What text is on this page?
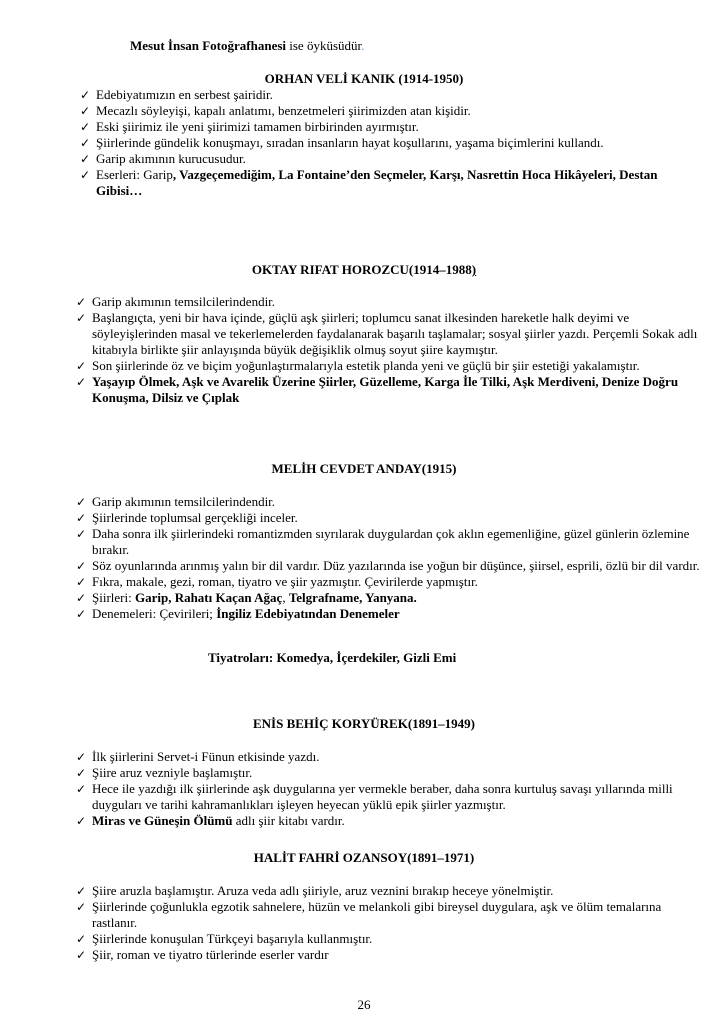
Mesut İnsan Fotoğrafhanesi ise öyküsüdür.
ORHAN VELİ KANIK (1914-1950)
✓ Edebiyatımızın en serbest şairidir.
✓ Mecazlı söyleyişi, kapalı anlatımı, benzetmeleri şiirimizden atan kişidir.
✓ Eski şiirimiz ile yeni şiirimizi tamamen birbirinden ayırmıştır.
✓ Şiirlerinde gündelik konuşmayı, sıradan insanların hayat koşullarını, yaşama biçimlerini kullandı.
✓ Garip akımının kurucusudur.
✓ Eserleri: Garip, Vazgeçemediğim, La Fontaine’den Seçmeler, Karşı, Nasrettin Hoca Hikâyeleri, Destan Gibisi…
OKTAY RIFAT HOROZCU(1914–1988)
✓ Garip akımının temsilcilerindendir.
✓ Başlangıçta, yeni bir hava içinde, güçlü aşk şiirleri; toplumcu sanat ilkesinden hareketle halk deyimi ve söyleyişlerinden masal ve tekerlemelerden faydalanarak başarılı taşlamalar; sosyal şiirler yazdı. Perçemli Sokak adlı kitabıyla birlikte şiir anlayışında büyük değişiklik olmuş soyut şiire kaymıştır.
✓ Son şiirlerinde öz ve biçim yoğunlaştırmalarıyla estetik planda yeni ve güçlü bir şiir estetiği yakalamıştır.
✓ Yaşayıp Ölmek, Aşk ve Avarelik Üzerine Şiirler, Güzelleme, Karga İle Tilki, Aşk Merdiveni, Denize Doğru Konuşma, Dilsiz ve Çıplak
MELİH CEVDET ANDAY(1915)
✓ Garip akımının temsilcilerindendir.
✓ Şiirlerinde toplumsal gerçekliği inceler.
✓ Daha sonra ilk şiirlerindeki romantizmden sıyrılarak duygulardan çok aklın egemenliğine, güzel günlerin özlemine bırakır.
✓ Söz oyunlarında arınmış yalın bir dil vardır. Düz yazılarında ise yoğun bir düşünce, şiirsel, esprili, özlü bir dil vardır.
✓ Fıkra, makale, gezi, roman, tiyatro ve şiir yazmıştır. Çevirilerde yapmıştır.
✓ Şiirleri: Garip, Rahatı Kaçan Ağaç, Telgrafname, Yanyana.
✓ Denemeleri: Çevirileri; İngiliz Edebiyatından Denemeler
Tiyatroları: Komedya, İçerdekiler, Gizli Emi
ENİS BEHİÇ KORYÜREK(1891–1949)
✓ İlk şiirlerini Servet-i Fünun etkisinde yazdı.
✓ Şiire aruz vezniyle başlamıştır.
✓ Hece ile yazdığı ilk şiirlerinde aşk duygularına yer vermekle beraber, daha sonra kurtuluş savaşı yıllarında milli duyguları ve tarihi kahramanlıkları işleyen heyecan yüklü epik şiirler yazmıştır.
✓ Miras ve Güneşin Ölümü adlı şiir kitabı vardır.
HALİT FAHRİ OZANSOY(1891–1971)
✓ Şiire aruzla başlamıştır. Aruza veda adlı şiiriyle, aruz veznini bırakıp heceye yönelmiştir.
✓ Şiirlerinde çoğunlukla egzotik sahnelere, hüzün ve melankoli gibi bireysel duygulara, aşk ve ölüm temalarına rastlanır.
✓ Şiirlerinde konuşulan Türkçeyi başarıyla kullanmıştır.
✓ Şiir, roman ve tiyatro türlerinde eserler vardır
26
